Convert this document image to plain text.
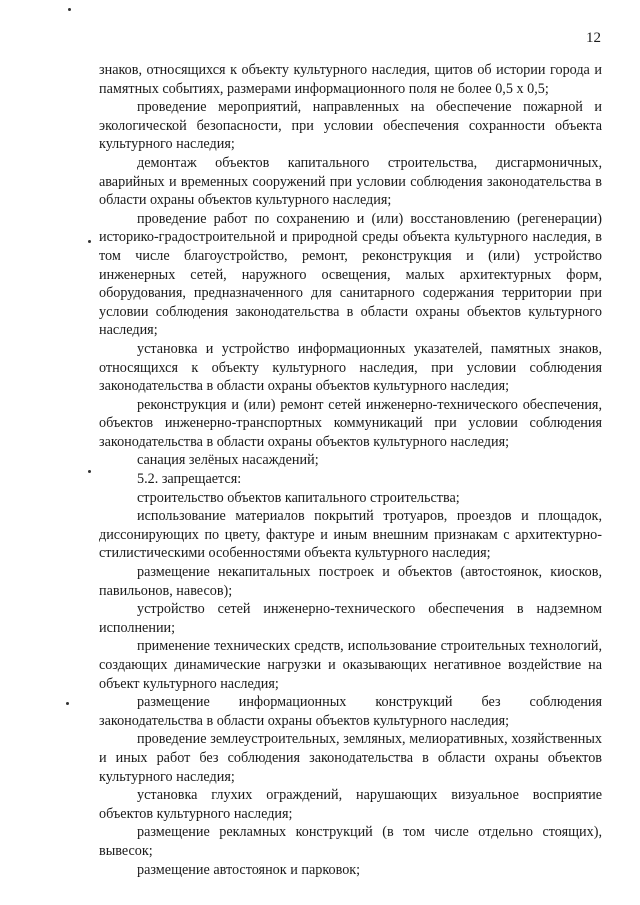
12

знаков, относящихся к объекту культурного наследия, щитов об истории города и памятных событиях, размерами информационного поля не более 0,5 х 0,5;

проведение мероприятий, направленных на обеспечение пожарной и экологической безопасности, при условии обеспечения сохранности объекта культурного наследия;

демонтаж объектов капитального строительства, дисгармоничных, аварийных и временных сооружений при условии соблюдения законодательства в области охраны объектов культурного наследия;

проведение работ по сохранению и (или) восстановлению (регенерации) историко-градостроительной и природной среды объекта культурного наследия, в том числе благоустройство, ремонт, реконструкция и (или) устройство инженерных сетей, наружного освещения, малых архитектурных форм, оборудования, предназначенного для санитарного содержания территории при условии соблюдения законодательства в области охраны объектов культурного наследия;

установка и устройство информационных указателей, памятных знаков, относящихся к объекту культурного наследия, при условии соблюдения законодательства в области охраны объектов культурного наследия;

реконструкция и (или) ремонт сетей инженерно-технического обеспечения, объектов инженерно-транспортных коммуникаций при условии соблюдения законодательства в области охраны объектов культурного наследия;

санация зелёных насаждений;

5.2. запрещается:

строительство объектов капитального строительства;

использование материалов покрытий тротуаров, проездов и площадок, диссонирующих по цвету, фактуре и иным внешним признакам с архитектурно-стилистическими особенностями объекта культурного наследия;

размещение некапитальных построек и объектов (автостоянок, киосков, павильонов, навесов);

устройство сетей инженерно-технического обеспечения в надземном исполнении;

применение технических средств, использование строительных технологий, создающих динамические нагрузки и оказывающих негативное воздействие на объект культурного наследия;

размещение информационных конструкций без соблюдения законодательства в области охраны объектов культурного наследия;

проведение землеустроительных, земляных, мелиоративных, хозяйственных и иных работ без соблюдения законодательства в области охраны объектов культурного наследия;

установка глухих ограждений, нарушающих визуальное восприятие объектов культурного наследия;

размещение рекламных конструкций (в том числе отдельно стоящих), вывесок;

размещение автостоянок и парковок;
